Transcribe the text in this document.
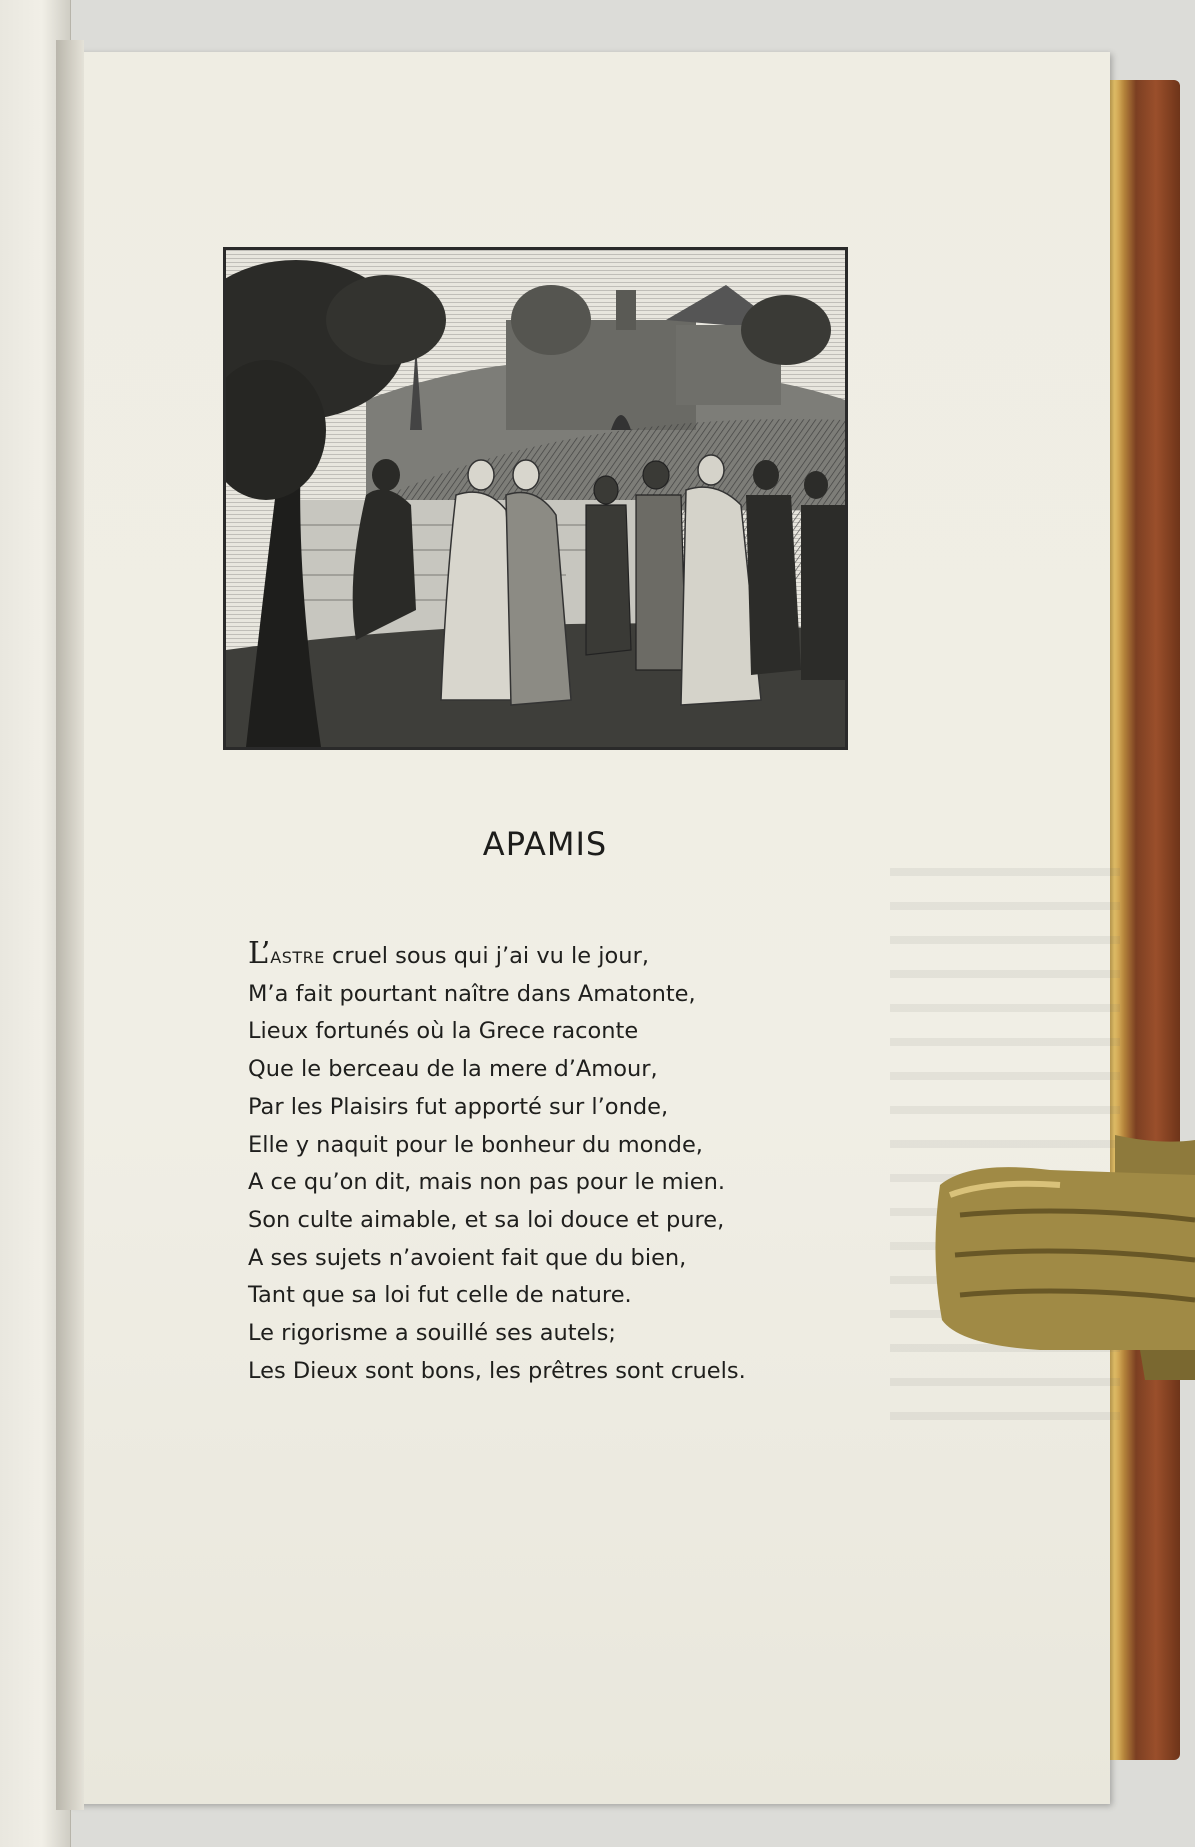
APAMIS
L’astre cruel sous qui j’ai vu le jour,
M’a fait pourtant naître dans Amatonte,
Lieux fortunés où la Grece raconte
Que le berceau de la mere d’Amour,
Par les Plaisirs fut apporté sur l’onde,
Elle y naquit pour le bonheur du monde,
A ce qu’on dit, mais non pas pour le mien.
Son culte aimable, et sa loi douce et pure,
A ses sujets n’avoient fait que du bien,
Tant que sa loi fut celle de nature.
Le rigorisme a souillé ses autels;
Les Dieux sont bons, les prêtres sont cruels.
